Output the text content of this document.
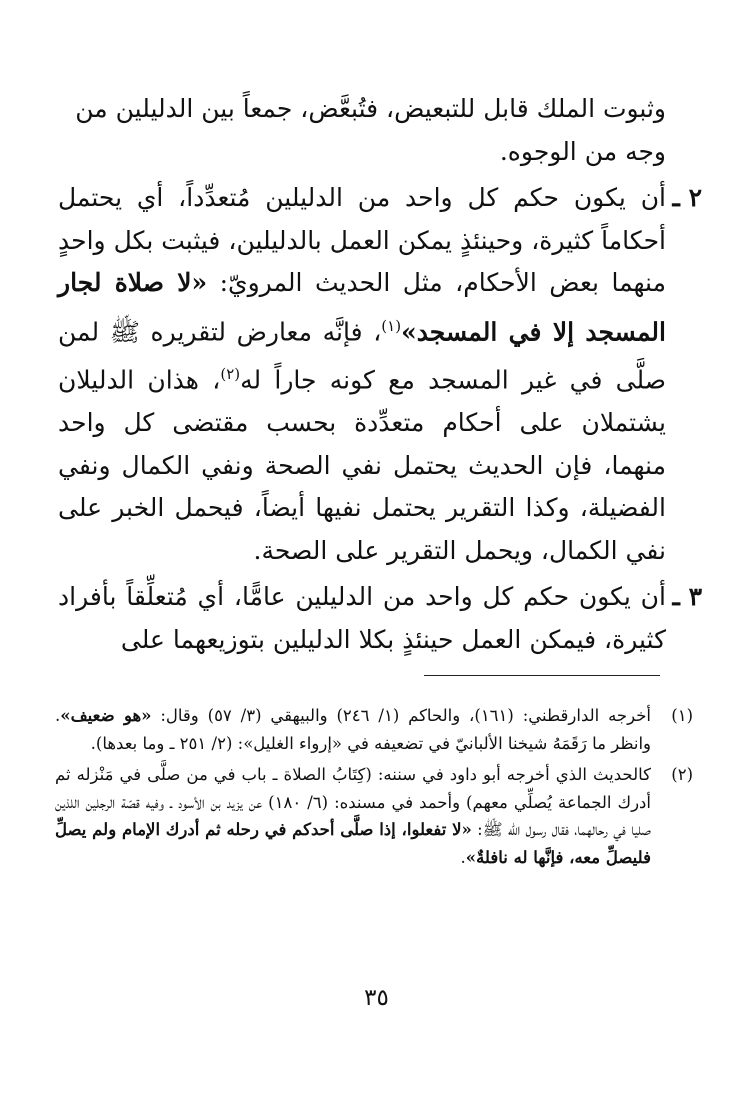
وثبوت الملك قابل للتبعيض، فتُبعَّض، جمعاً بين الدليلين من
وجه من الوجوه.

٢ ـ
أن يكون حكم كل واحد من الدليلين مُتعدِّداً، أي يحتمل أحكاماً كثيرة، وحينئذٍ يمكن العمل بالدليلين، فيثبت بكل واحدٍ منهما بعض الأحكام، مثل الحديث المرويّ: «لا صلاة لجار المسجد إلا في المسجد»$^{(١)}$، فإنَّه معارض لتقريره ﷺ لمن صلَّى في غير المسجد مع كونه جاراً له$^{(٢)}$، هذان الدليلان يشتملان على أحكام متعدِّدة بحسب مقتضى كل واحد منهما، فإن الحديث يحتمل نفي الصحة ونفي الكمال ونفي الفضيلة، وكذا التقرير يحتمل نفيها أيضاً، فيحمل الخبر على نفي الكمال، ويحمل التقرير على الصحة.

٣ ـ
أن يكون حكم كل واحد من الدليلين عامًّا، أي مُتعلِّقاً بأفراد كثيرة، فيمكن العمل حينئذٍ بكلا الدليلين بتوزيعهما على

(١)
أخرجه الدارقطني: (١٦١)، والحاكم (١/ ٢٤٦) والبيهقي (٣/ ٥٧) وقال: «هو ضعيف». وانظر ما رَقَمَهُ شيخنا الألبانيّ في تضعيفه في «إرواء الغليل»: (٢/ ٢٥١ ـ وما بعدها).

(٢)
كالحديث الذي أخرجه أبو داود في سننه: (كِتَابُ الصلاة ـ باب في من صلَّى في مَنْزله ثم أدرك الجماعة يُصلِّي معهم) وأحمد في مسنده: (٦/ ١٨٠) عن يزيد بن الأسود ـ وفيه قصّة الرجلين اللذين صليا في رحالهما، فقال رسول الله ﷺ: «لا تفعلوا، إذا صلَّى أحدكم في رحله ثم أدرك الإمام ولم يصلِّ فليصلِّ معه، فإنَّها له نافلةٌ».

٣٥
